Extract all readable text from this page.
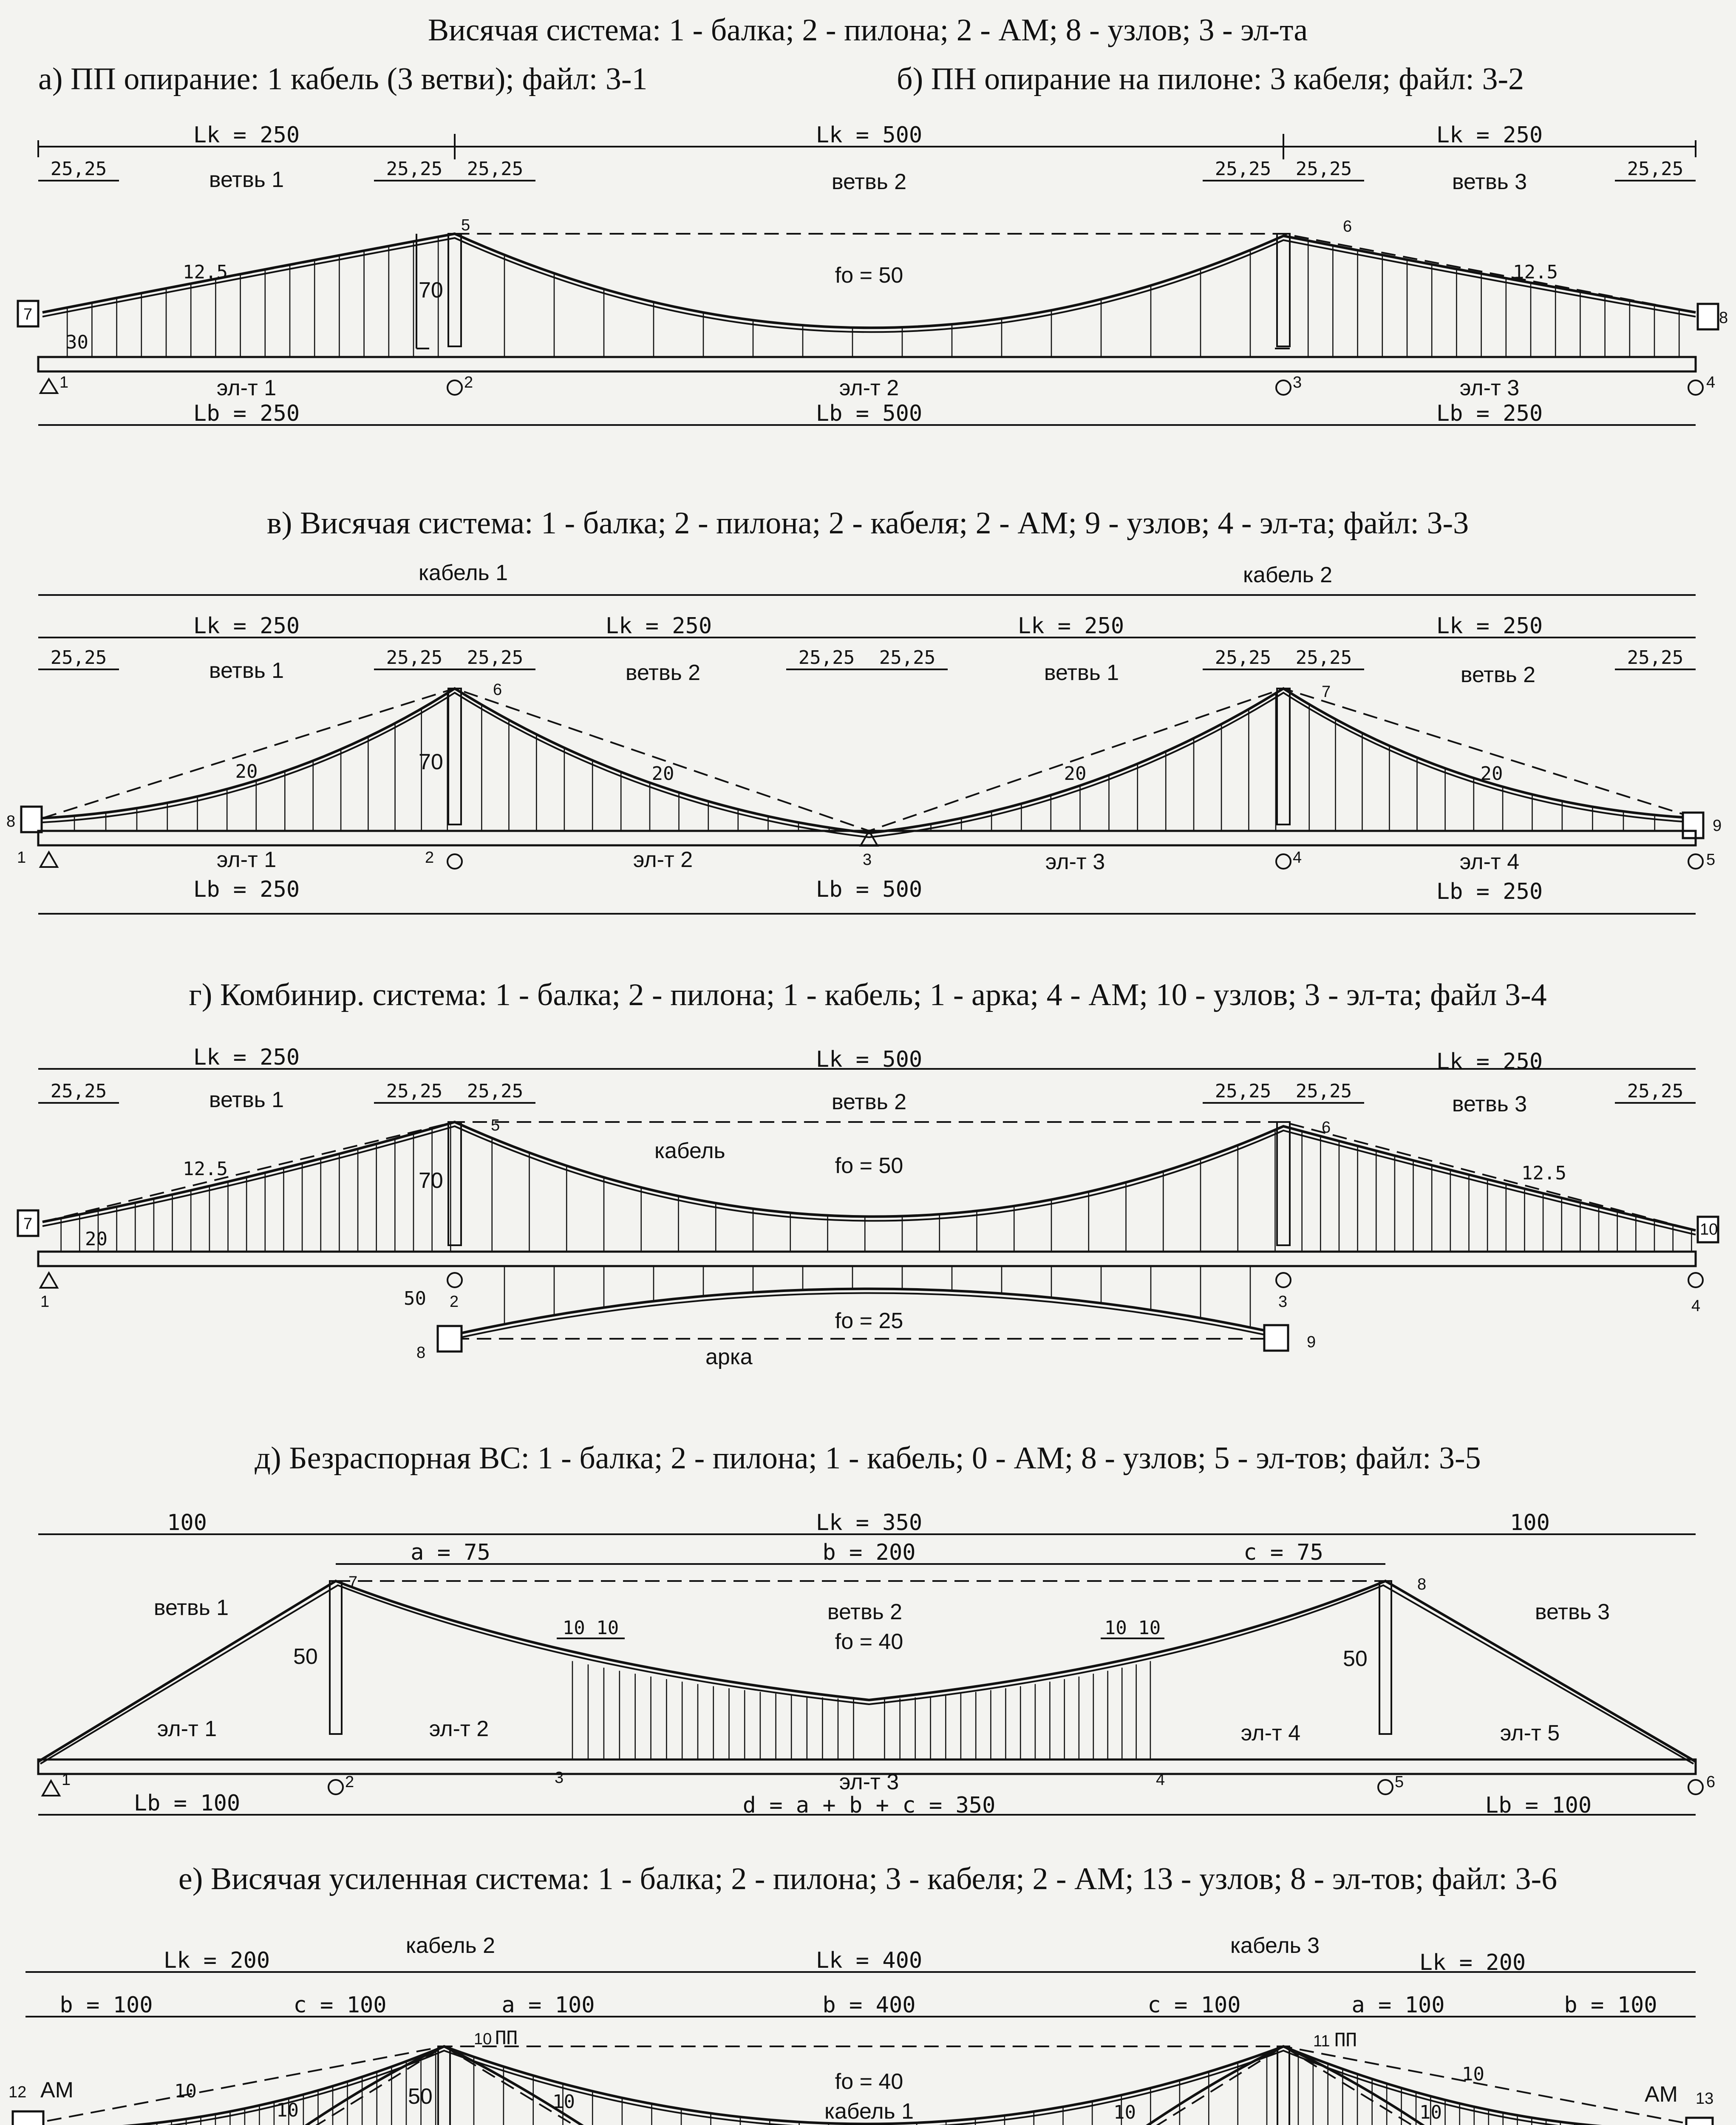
Висячая система: 1 - балка; 2 - пилона; 2 - АМ; 8 - узлов; 3 - эл-та
а) ПП опирание: 1 кабель (3 ветви); файл: 3-1	б) ПН опирание на пилоне: 3 кабеля; файл: 3-2
Lk = 250	Lk = 500	Lk = 250
25,25	25,25 25,25	25,25 25,25	25,25
ветвь 1	ветвь 2	ветвь 3
70
30
12.5	12.5
fo = 50
7	8
5	6
1	2	3	4
эл-т 1	эл-т 2	эл-т 3
Lb = 250	Lb = 500	Lb = 250
в) Висячая система: 1 - балка; 2 - пилона; 2 - кабеля; 2 - АМ; 9 - узлов; 4 - эл-та; файл: 3-3
кабель 1	кабель 2
Lk = 250	Lk = 250	Lk = 250	Lk = 250
25,25	25,25 25,25	25,25 25,25	25,25 25,25	25,25
ветвь 1	ветвь 2	ветвь 1	ветвь 2
70
20	20	20	20
8	9
6	7
1	2	3	4	5
эл-т 1	эл-т 2	эл-т 3	эл-т 4
Lb = 250	Lb = 500	Lb = 250
г) Комбинир. система: 1 - балка; 2 - пилона; 1 - кабель; 1 - арка; 4 - АМ; 10 - узлов; 3 - эл-та; файл 3-4
Lk = 250	Lk = 500	Lk = 250
25,25	25,25 25,25	25,25 25,25	25,25
ветвь 1	ветвь 2	ветвь 3
70
20
50
12.5	12.5
fo = 50
fo = 25
кабель
арка
7	10
8
9
5	6
1	2	3	4
д) Безраспорная ВС: 1 - балка; 2 - пилона; 1 - кабель; 0 - АМ; 8 - узлов; 5 - эл-тов; файл: 3-5
100	Lk = 350	100
a = 75	b = 200	c = 75
10 10	10 10
50	50
ветвь 1	ветвь 2	ветвь 3
fo = 40
7	8
1	2	3	4	5	6
эл-т 1	эл-т 2
эл-т 3
эл-т 4	эл-т 5
Lb = 100	d = a + b + c = 350	Lb = 100
е) Висячая усиленная система: 1 - балка; 2 - пилона; 3 - кабеля; 2 - АМ; 13 - узлов; 8 - эл-тов; файл: 3-6
Lk = 200	Lk = 400	Lk = 200
кабель 2
кабель 1
кабель 3
b = 100	c = 100	a = 100	b = 400	c = 100	a = 100	b = 100
50
fo = 40
10
10	10	10	10
10
12 АМ	АМ 13
10 ПП	11 ПП
